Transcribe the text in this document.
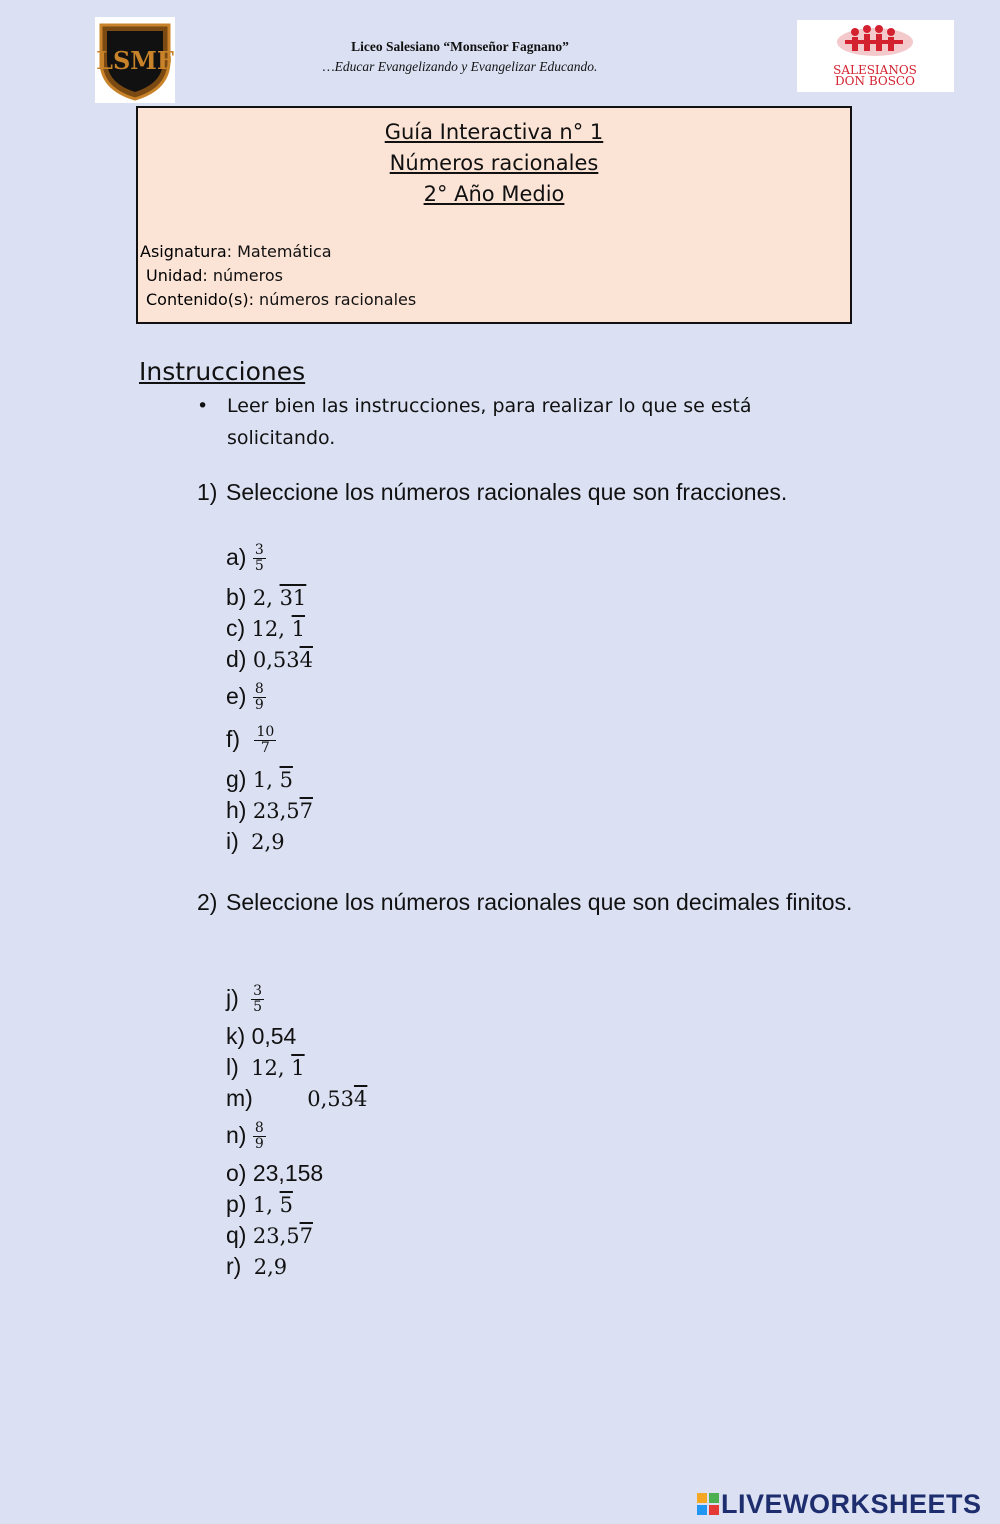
LSMF	Liceo Salesiano “Monseñor Fagnano”
…Educar Evangelizando y Evangelizar Educando.	SALESIANOS
DON BOSCO
Guía Interactiva n° 1
Números racionales
2° Año Medio
Asignatura: Matemática
Unidad: números
Contenido(s): números racionales
Instrucciones
• Leer bien las instrucciones, para realizar lo que se está solicitando.
1) Seleccione los números racionales que son fracciones.
$a) \frac{3}{5}$
b) 2, 31
c) 12, 1
d) 0,534
$e) \frac{8}{9}$
$f) \frac{10}{7}$
g) 1, 5
h) 23,57
i) 2,9
2) Seleccione los números racionales que son decimales finitos.
$j) \frac{3}{5}$
k) 0,54
l) 12, 1
m)	0,534
$n) \frac{8}{9}$
o) 23,158
p) 1, 5
q) 23,57
r) 2,9
LIVEWORKSHEETS
